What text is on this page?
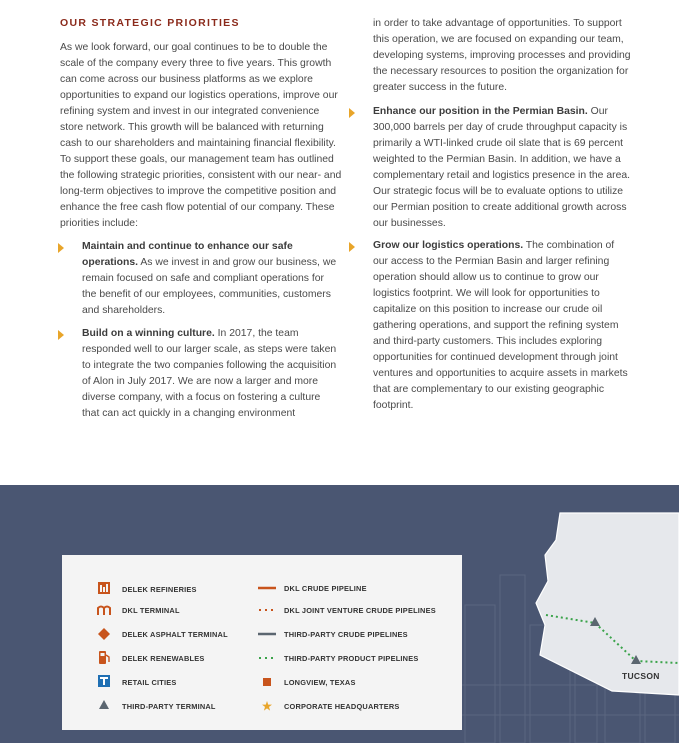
OUR STRATEGIC PRIORITIES
As we look forward, our goal continues to be to double the scale of the company every three to five years. This growth can come across our business platforms as we explore opportunities to expand our logistics operations, improve our refining system and invest in our integrated convenience store network. This growth will be balanced with returning cash to our shareholders and maintaining financial flexibility. To support these goals, our management team has outlined the following strategic priorities, consistent with our near- and long-term objectives to improve the competitive position and enhance the free cash flow potential of our company. These priorities include:
Maintain and continue to enhance our safe operations. As we invest in and grow our business, we remain focused on safe and compliant operations for the benefit of our employees, communities, customers and shareholders.
Build on a winning culture. In 2017, the team responded well to our larger scale, as steps were taken to integrate the two companies following the acquisition of Alon in July 2017. We are now a larger and more diverse company, with a focus on fostering a culture that can act quickly in a changing environment
in order to take advantage of opportunities. To support this operation, we are focused on expanding our team, developing systems, improving processes and providing the necessary resources to position the organization for greater success in the future.
Enhance our position in the Permian Basin. Our 300,000 barrels per day of crude throughput capacity is primarily a WTI-linked crude oil slate that is 69 percent weighted to the Permian Basin. In addition, we have a complementary retail and logistics presence in the area. Our strategic focus will be to evaluate options to utilize our Permian position to create additional growth across our businesses.
Grow our logistics operations. The combination of our access to the Permian Basin and larger refining operation should allow us to continue to grow our logistics footprint. We will look for opportunities to capitalize on this position to increase our crude oil gathering operations, and support the refining system and third-party customers. This includes exploring opportunities for continued development through joint ventures and opportunities to acquire assets in markets that are complementary to our existing geographic footprint.
TUCSON
DELEK REFINERIES
DKL TERMINAL
DELEK ASPHALT TERMINAL
DELEK RENEWABLES
RETAIL CITIES
THIRD-PARTY TERMINAL
DKL CRUDE PIPELINE
DKL JOINT VENTURE CRUDE PIPELINES
THIRD-PARTY CRUDE PIPELINES
THIRD-PARTY PRODUCT PIPELINES
LONGVIEW, TEXAS
CORPORATE HEADQUARTERS
